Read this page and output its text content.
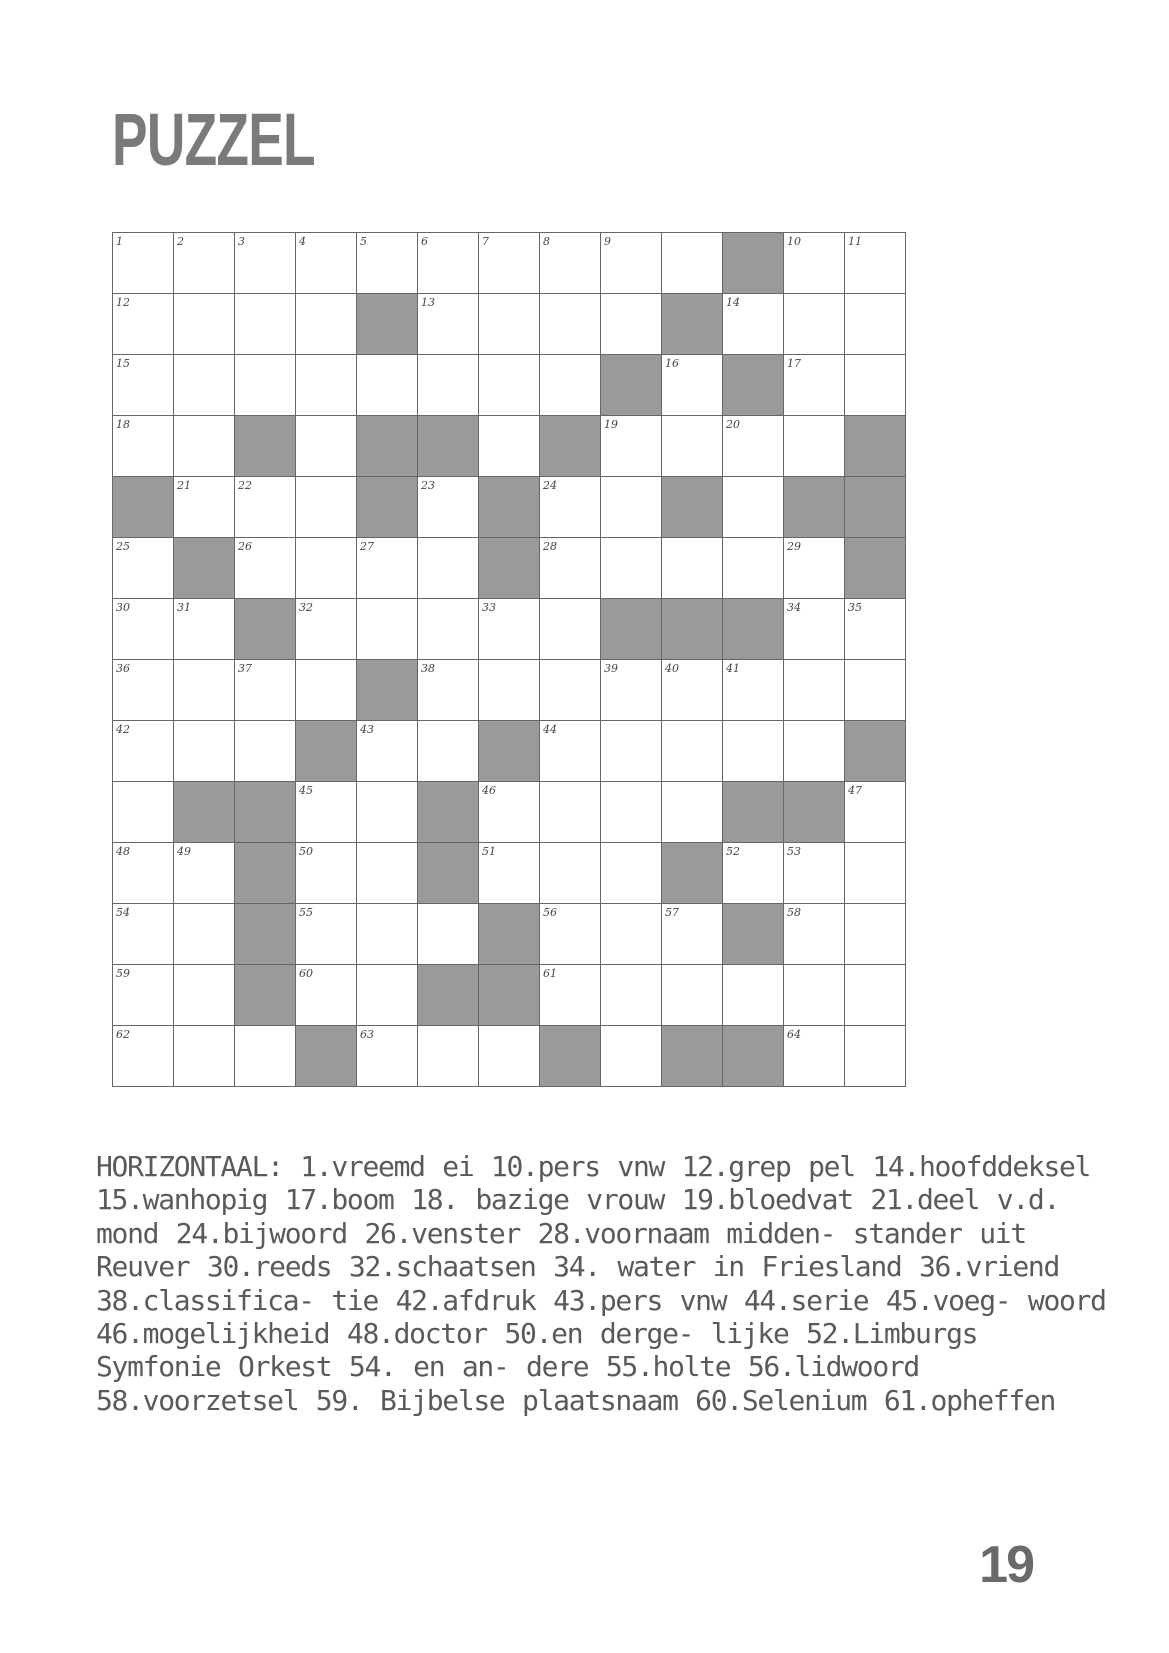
PUZZEL
1	2	3	4	5	6	7	8	9			10	11

12					13					14		

15									16		17	

18								19		20		

	21	22			23		24					

25		26		27			28				29	

30	31		32			33					34	35

36		37			38			39	40	41		

42				43			44					

			45			46						47

48	49		50			51				52	53	

54			55				56		57		58	

59			60				61					

62				63							64	

HORIZONTAAL: 1.vreemd ei 10.pers vnw 12.grep pel 14.hoofddeksel 15.wanhopig 17.boom 18. bazige vrouw 19.bloedvat 21.deel v.d. mond 24.bijwoord 26.venster 28.voornaam midden- stander uit Reuver 30.reeds 32.schaatsen 34. water in Friesland 36.vriend 38.classifica- tie 42.afdruk 43.pers vnw 44.serie 45.voeg- woord 46.mogelijkheid 48.doctor 50.en derge- lijke 52.Limburgs Symfonie Orkest 54. en an- dere 55.holte 56.lidwoord 58.voorzetsel 59. Bijbelse plaatsnaam 60.Selenium 61.opheffen

19
